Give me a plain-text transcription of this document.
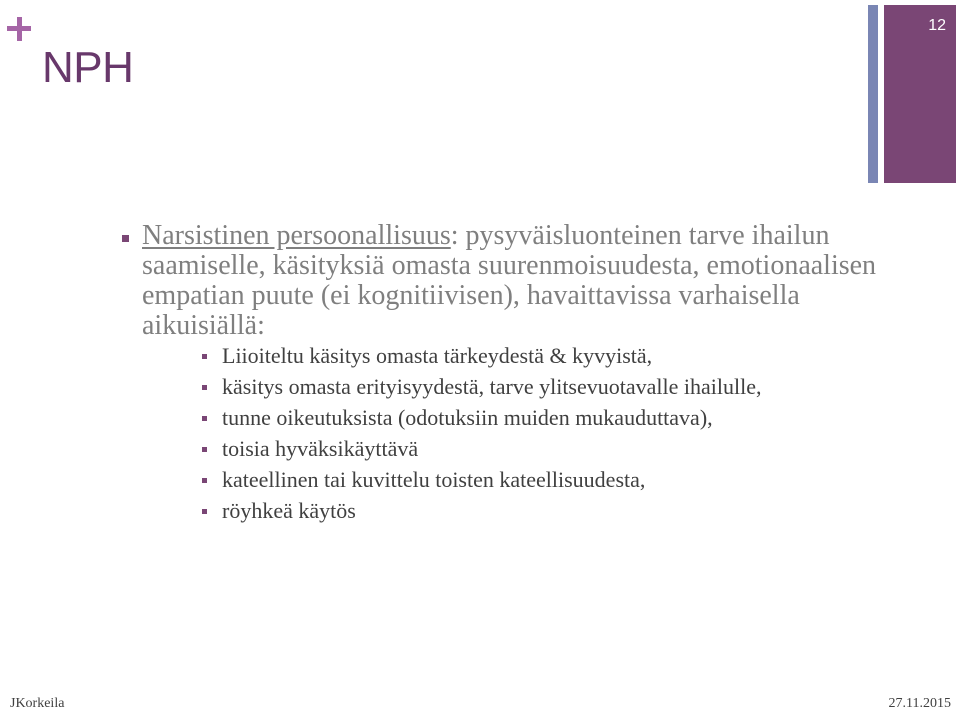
NPH
12
Narsistinen persoonallisuus: pysyväisluonteinen tarve ihailun saamiselle, käsityksiä omasta suurenmoisuudesta, emotionaalisen empatian puute (ei kognitiivisen), havaittavissa varhaisella aikuisiällä:
Liioiteltu käsitys omasta tärkeydestä & kyvyistä,
käsitys omasta erityisyydestä, tarve ylitsevuotavalle ihailulle,
tunne oikeutuksista (odotuksiin muiden mukauduttava),
toisia hyväksikäyttävä
kateellinen tai kuvittelu toisten kateellisuudesta,
röyhkeä käytös
JKorkeila	27.11.2015
